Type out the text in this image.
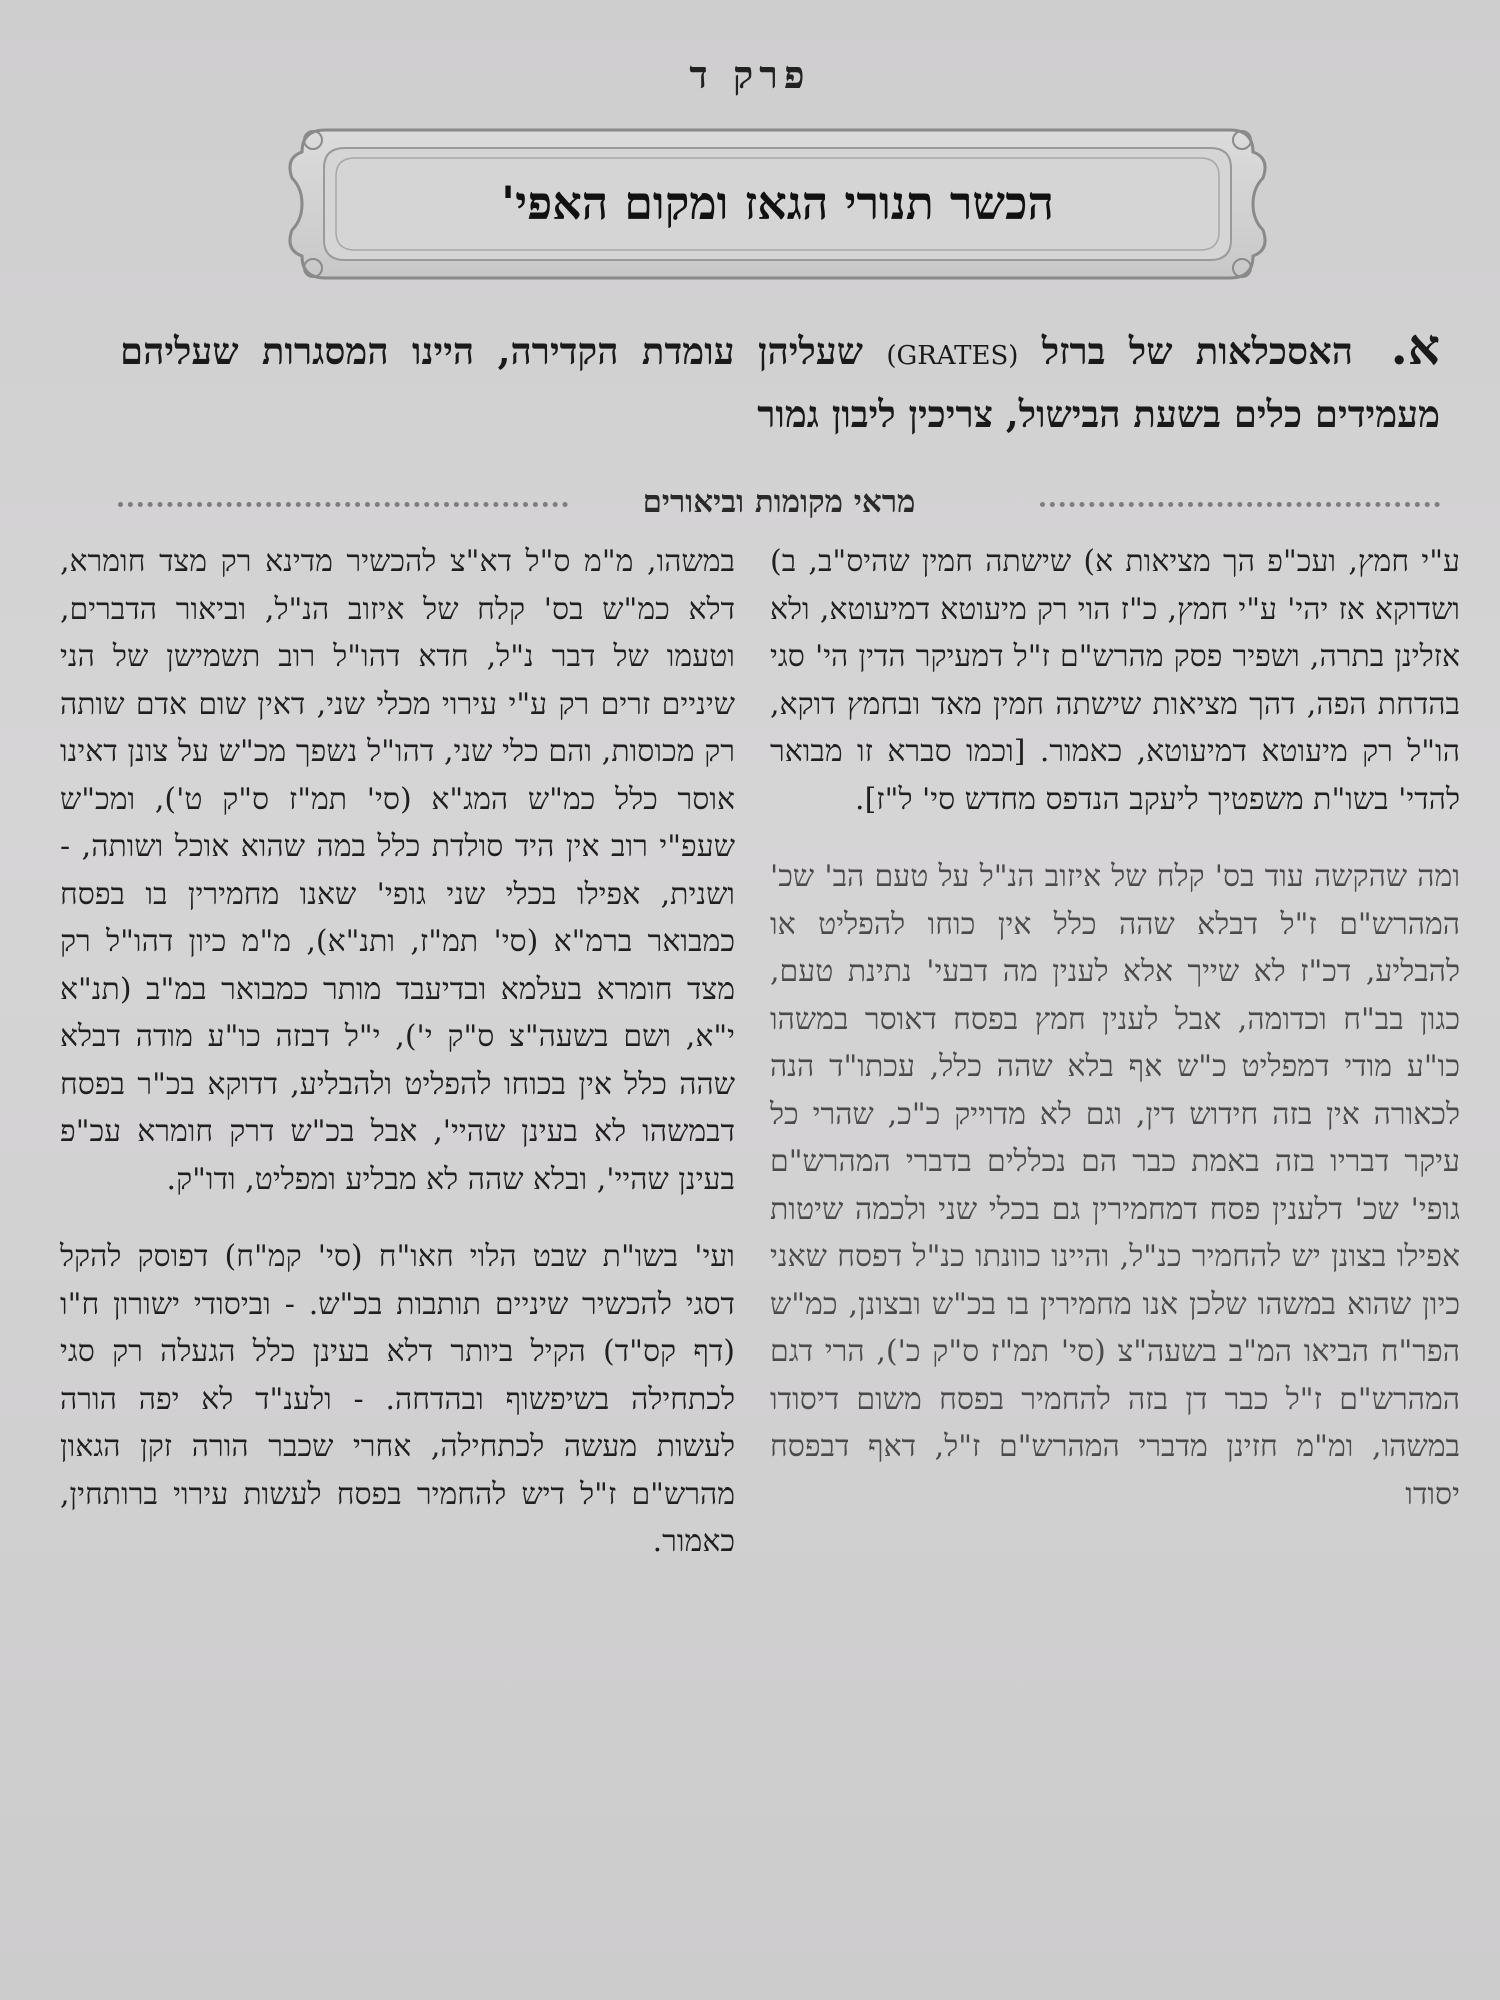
פרק ד
הכשר תנורי הגאז ומקום האפי'
א. האסכלאות של ברזל (GRATES) שעליהן עומדת הקדירה, היינו המסגרות שעליהם מעמידים כלים בשעת הבישול, צריכין ליבון גמור
מראי מקומות וביאורים

ע"י חמץ, ועכ"פ הך מציאות א) שישתה חמין שהיס"ב, ב) ושדוקא אז יהי' ע"י חמץ, כ"ז הוי רק מיעוטא דמיעוטא, ולא אזלינן בתרה, ושפיר פסק מהרש"ם ז"ל דמעיקר הדין הי' סגי בהדחת הפה, דהך מציאות שישתה חמין מאד ובחמץ דוקא, הו"ל רק מיעוטא דמיעוטא, כאמור. [וכמו סברא זו מבואר להדי' בשו"ת משפטיך ליעקב הנדפס מחדש סי' ל"ז].

ומה שהקשה עוד בס' קלח של איזוב הנ"ל על טעם הב' שכ' המהרש"ם ז"ל דבלא שהה כלל אין כוחו להפליט או להבליע, דכ"ז לא שייך אלא לענין מה דבעי' נתינת טעם, כגון בב"ח וכדומה, אבל לענין חמץ בפסח דאוסר במשהו כו"ע מודי דמפליט כ"ש אף בלא שהה כלל, עכתו"ד הנה לכאורה אין בזה חידוש דין, וגם לא מדוייק כ"כ, שהרי כל עיקר דבריו בזה באמת כבר הם נכללים בדברי המהרש"ם גופי' שכ' דלענין פסח דמחמירין גם בכלי שני ולכמה שיטות אפילו בצונן יש להחמיר כנ"ל, והיינו כוונתו כנ"ל דפסח שאני כיון שהוא במשהו שלכן אנו מחמירין בו בכ"ש ובצונן, כמ"ש הפר"ח הביאו המ"ב בשעה"צ (סי' תמ"ז ס"ק כ'), הרי דגם המהרש"ם ז"ל כבר דן בזה להחמיר בפסח משום דיסודו במשהו, ומ"מ חזינן מדברי המהרש"ם ז"ל, דאף דבפסח יסודו

במשהו, מ"מ ס"ל דא"צ להכשיר מדינא רק מצד חומרא, דלא כמ"ש בס' קלח של איזוב הנ"ל, וביאור הדברים, וטעמו של דבר נ"ל, חדא דהו"ל רוב תשמישן של הני שיניים זרים רק ע"י עירוי מכלי שני, דאין שום אדם שותה רק מכוסות, והם כלי שני, דהו"ל נשפך מכ"ש על צונן דאינו אוסר כלל כמ"ש המג"א (סי' תמ"ז ס"ק ט'), ומכ"ש שעפ"י רוב אין היד סולדת כלל במה שהוא אוכל ושותה, - ושנית, אפילו בכלי שני גופי' שאנו מחמירין בו בפסח כמבואר ברמ"א (סי' תמ"ז, ותנ"א), מ"מ כיון דהו"ל רק מצד חומרא בעלמא ובדיעבד מותר כמבואר במ"ב (תנ"א י"א, ושם בשעה"צ ס"ק י'), י"ל דבזה כו"ע מודה דבלא שהה כלל אין בכוחו להפליט ולהבליע, דדוקא בכ"ר בפסח דבמשהו לא בעינן שהיי', אבל בכ"ש דרק חומרא עכ"פ בעינן שהיי', ובלא שהה לא מבליע ומפליט, ודו"ק.

ועי' בשו"ת שבט הלוי חאו"ח (סי' קמ"ח) דפוסק להקל דסגי להכשיר שיניים תותבות בכ"ש. - וביסודי ישורון ח"ו (דף קס"ד) הקיל ביותר דלא בעינן כלל הגעלה רק סגי לכתחילה בשיפשוף ובהדחה. - ולענ"ד לא יפה הורה לעשות מעשה לכתחילה, אחרי שכבר הורה זקן הגאון מהרש"ם ז"ל דיש להחמיר בפסח לעשות עירוי ברותחין, כאמור.
